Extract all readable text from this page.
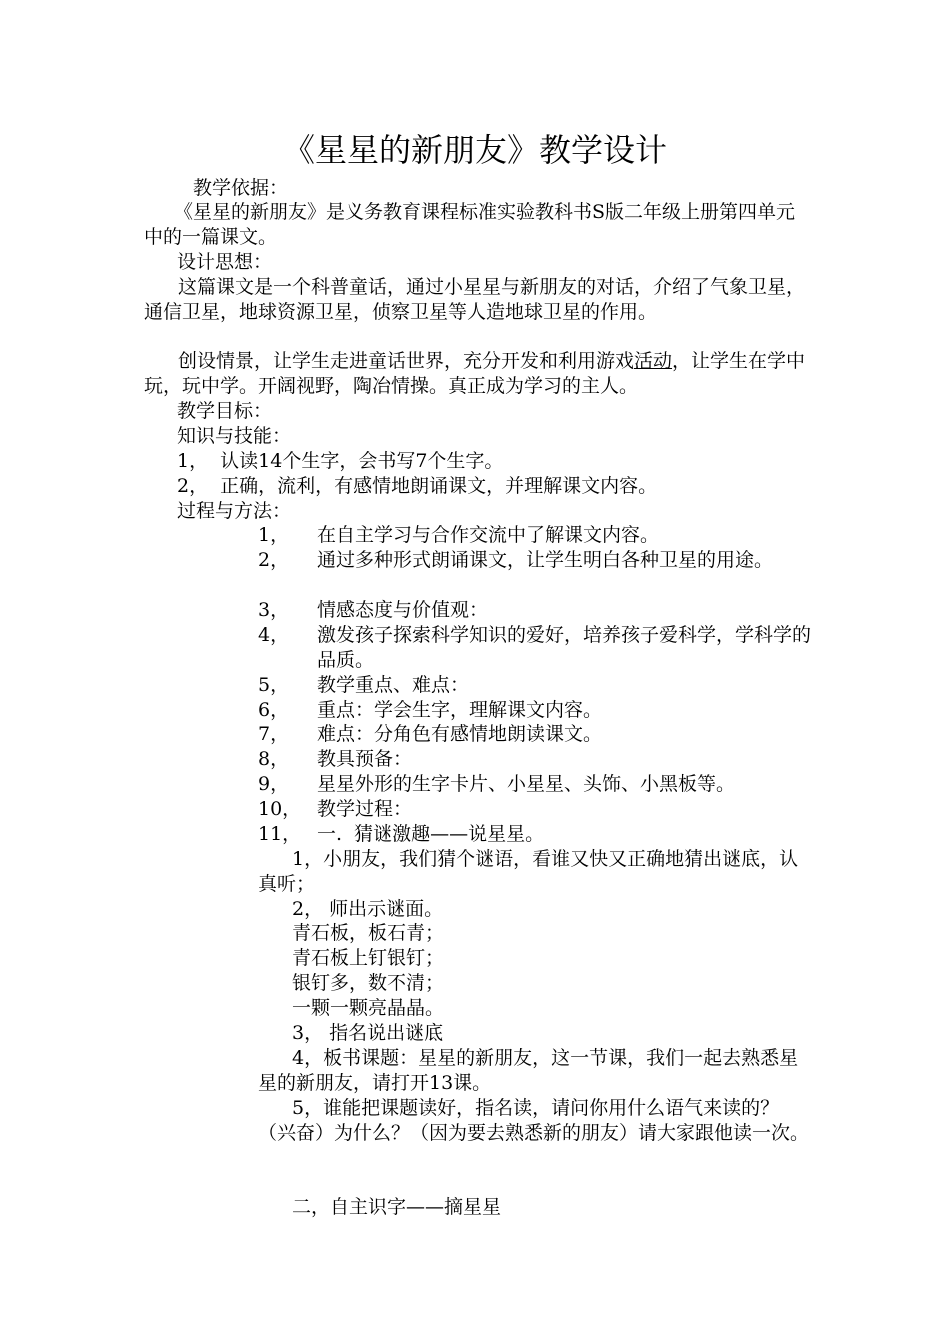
《星星的新朋友》教学设计
教学依据：
《星星的新朋友》是义务教育课程标准实验教科书S版二年级上册第四单元中的一篇课文。
设计思想：
这篇课文是一个科普童话，通过小星星与新朋友的对话，介绍了气象卫星，通信卫星，地球资源卫星，侦察卫星等人造地球卫星的作用。
创设情景，让学生走进童话世界，充分开发和利用游戏活动，让学生在学中玩，玩中学。开阔视野，陶冶情操。真正成为学习的主人。
教学目标：
知识与技能：
1，  认读14个生字，会书写7个生字。
2，  正确，流利，有感情地朗诵课文，并理解课文内容。
过程与方法：
1， 在自主学习与合作交流中了解课文内容。
2， 通过多种形式朗诵课文，让学生明白各种卫星的用途。
3， 情感态度与价值观：
4， 激发孩子探索科学知识的爱好，培养孩子爱科学，学科学的品质。
5， 教学重点、难点：
6， 重点：学会生字，理解课文内容。
7， 难点：分角色有感情地朗读课文。
8， 教具预备：
9， 星星外形的生字卡片、小星星、头饰、小黑板等。
10， 教学过程：
11， 一.  猜谜激趣——说星星。
1，小朋友，我们猜个谜语，看谁又快又正确地猜出谜底，认真听；
2， 师出示谜面。
青石板，板石青；
青石板上钉银钉；
银钉多，数不清；
一颗一颗亮晶晶。
3， 指名说出谜底
4，板书课题：星星的新朋友，这一节课，我们一起去熟悉星星的新朋友，请打开13课。
5，谁能把课题读好，指名读，请问你用什么语气来读的？（兴奋）为什么？（因为要去熟悉新的朋友）请大家跟他读一次。
二，自主识字——摘星星
